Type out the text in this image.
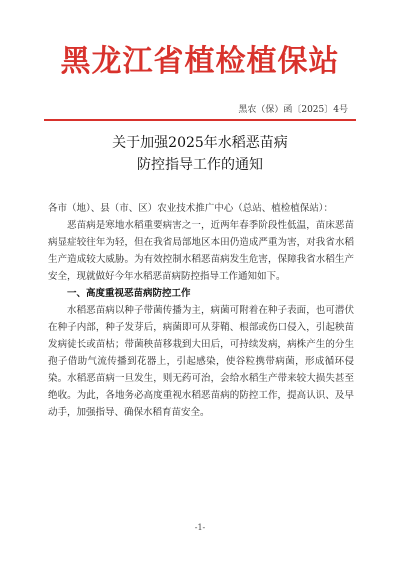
黑龙江省植检植保站
黑农（保）函〔2025〕4号
关于加强2025年水稻恶苗病
防控指导工作的通知

各市（地）、县（市、区）农业技术推广中心（总站、植检植保站）：

恶苗病是寒地水稻重要病害之一，近两年春季阶段性低温，苗床恶苗病显症较往年为轻，但在我省局部地区本田仍造成严重为害，对我省水稻生产造成较大威胁。为有效控制水稻恶苗病发生危害，保障我省水稻生产安全，现就做好今年水稻恶苗病防控指导工作通知如下。

一、高度重视恶苗病防控工作

水稻恶苗病以种子带菌传播为主，病菌可附着在种子表面，也可潜伏在种子内部，种子发芽后，病菌即可从芽鞘、根部或伤口侵入，引起秧苗发病徒长或苗枯；带菌秧苗移栽到大田后，可持续发病，病株产生的分生孢子借助气流传播到花器上，引起感染，使谷粒携带病菌，形成循环侵染。水稻恶苗病一旦发生，则无药可治，会给水稻生产带来较大损失甚至绝收。为此，各地务必高度重视水稻恶苗病的防控工作，提高认识、及早动手，加强指导、确保水稻育苗安全。

-1-
